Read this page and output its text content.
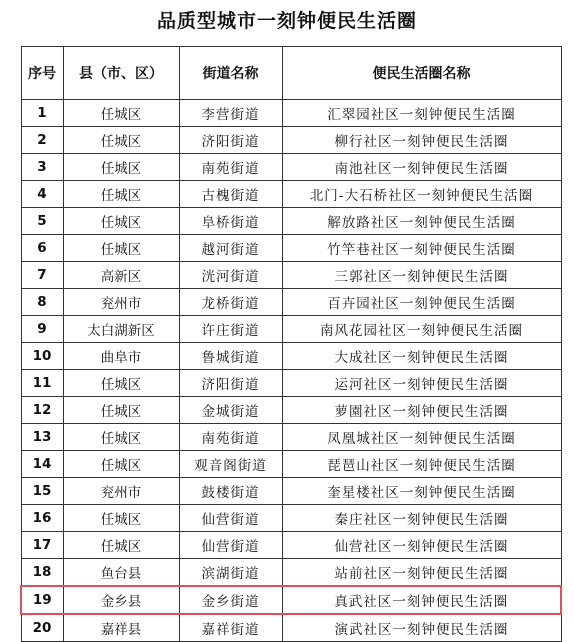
品质型城市一刻钟便民生活圈
序号	县（市、区）	街道名称	便民生活圈名称
1	任城区	李营街道	汇翠园社区一刻钟便民生活圈
2	任城区	济阳街道	柳行社区一刻钟便民生活圈
3	任城区	南苑街道	南池社区一刻钟便民生活圈
4	任城区	古槐街道	北门-大石桥社区一刻钟便民生活圈
5	任城区	阜桥街道	解放路社区一刻钟便民生活圈
6	任城区	越河街道	竹竿巷社区一刻钟便民生活圈
7	高新区	洸河街道	三郭社区一刻钟便民生活圈
8	兖州市	龙桥街道	百卉园社区一刻钟便民生活圈
9	太白湖新区	许庄街道	南风花园社区一刻钟便民生活圈
10	曲阜市	鲁城街道	大成社区一刻钟便民生活圈
11	任城区	济阳街道	运河社区一刻钟便民生活圈
12	任城区	金城街道	萝園社区一刻钟便民生活圈
13	任城区	南苑街道	凤凰城社区一刻钟便民生活圈
14	任城区	观音阁街道	琵琶山社区一刻钟便民生活圈
15	兖州市	鼓楼街道	奎星楼社区一刻钟便民生活圈
16	任城区	仙营街道	秦庄社区一刻钟便民生活圈
17	任城区	仙营街道	仙营社区一刻钟便民生活圈
18	鱼台县	滨湖街道	站前社区一刻钟便民生活圈
19	金乡县	金乡街道	真武社区一刻钟便民生活圈
20	嘉祥县	嘉祥街道	演武社区一刻钟便民生活圈
